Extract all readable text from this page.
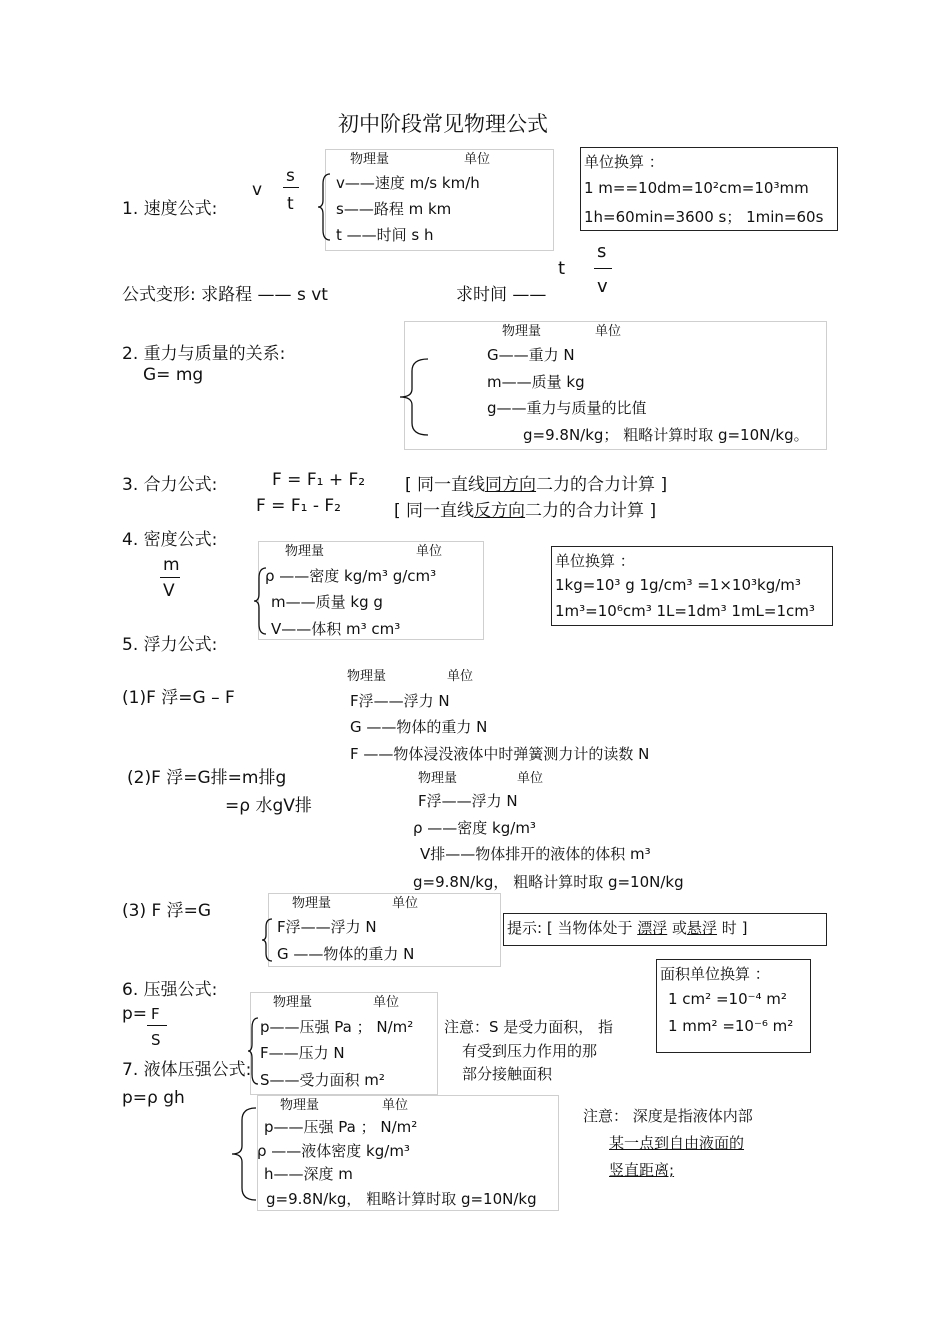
初中阶段常见物理公式
1. 速度公式:
v
s
t
物理量	单位
v——速度 m/s km/h
s——路程 m km
t ——时间 s h
单位换算 ：
1 m==10dm=10²cm=10³mm
1h=60min=3600 s； 1min=60s
公式变形: 求路程 —— s vt	求时间 ——
t
s
v
2. 重力与质量的关系:
G= mg
物理量	单位
G——重力 N
m——质量 kg
g——重力与质量的比值
g=9.8N/kg； 粗略计算时取 g=10N/kg。
3. 合力公式:	F = F₁ + F₂ [ 同一直线同方向二力的合力计算 ]
F = F₁ - F₂	[ 同一直线反方向二力的合力计算 ]
4. 密度公式:
m
V
物理量	单位
ρ ——密度 kg/m³ g/cm³
m——质量 kg g
V——体积 m³ cm³
单位换算 ：
1kg=10³ g 1g/cm³ =1×10³kg/m³
1m³=10⁶cm³ 1L=1dm³ 1mL=1cm³
5. 浮力公式:
(1)F 浮=G – F
物理量	单位
F浮——浮力 N
G ——物体的重力 N
F ——物体浸没液体中时弹簧测力计的读数 N
(2)F 浮=G排=m排g
=ρ 水gV排
物理量	单位
F浮——浮力 N
ρ ——密度 kg/m³
V排——物体排开的液体的体积 m³
g=9.8N/kg， 粗略计算时取 g=10N/kg
(3) F 浮=G	物理量	单位
F浮——浮力 N
G ——物体的重力 N
提示: [ 当物体处于 漂浮 或悬浮 时 ]
6. 压强公式:
p= F
S
物理量	单位
p——压强 Pa ； N/m²
F——压力 N
S——受力面积 m²
注意：S 是受力面积， 指
有受到压力作用的那
部分接触面积
面积单位换算 ：
1 cm² =10⁻⁴ m²
1 mm² =10⁻⁶ m²
7. 液体压强公式:
p=ρ gh	物理量	单位
p——压强 Pa ； N/m²
ρ ——液体密度 kg/m³
h——深度 m
g=9.8N/kg， 粗略计算时取 g=10N/kg
注意： 深度是指液体内部
某一点到自由液面的
竖直距离;
